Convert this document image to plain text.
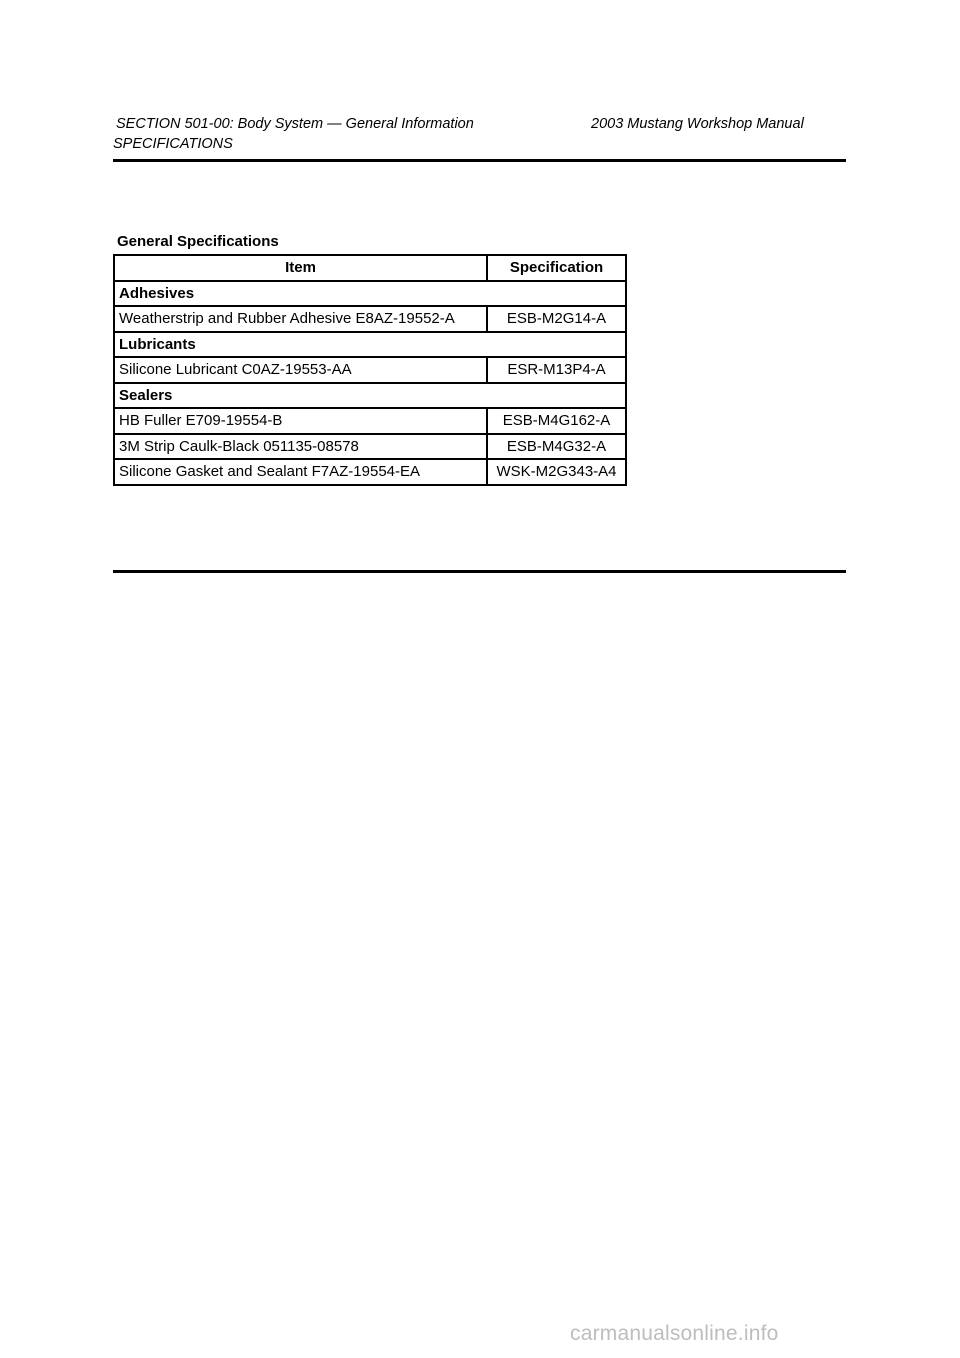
SECTION 501-00: Body System — General Information	2003 Mustang Workshop Manual
SPECIFICATIONS
General Specifications
Item	Specification
Adhesives	
Weatherstrip and Rubber Adhesive E8AZ-19552-A	ESB-M2G14-A
Lubricants	
Silicone Lubricant C0AZ-19553-AA	ESR-M13P4-A
Sealers	
HB Fuller E709-19554-B	ESB-M4G162-A
3M Strip Caulk-Black 051135-08578	ESB-M4G32-A
Silicone Gasket and Sealant F7AZ-19554-EA	WSK-M2G343-A4
carmanualsonline.info
